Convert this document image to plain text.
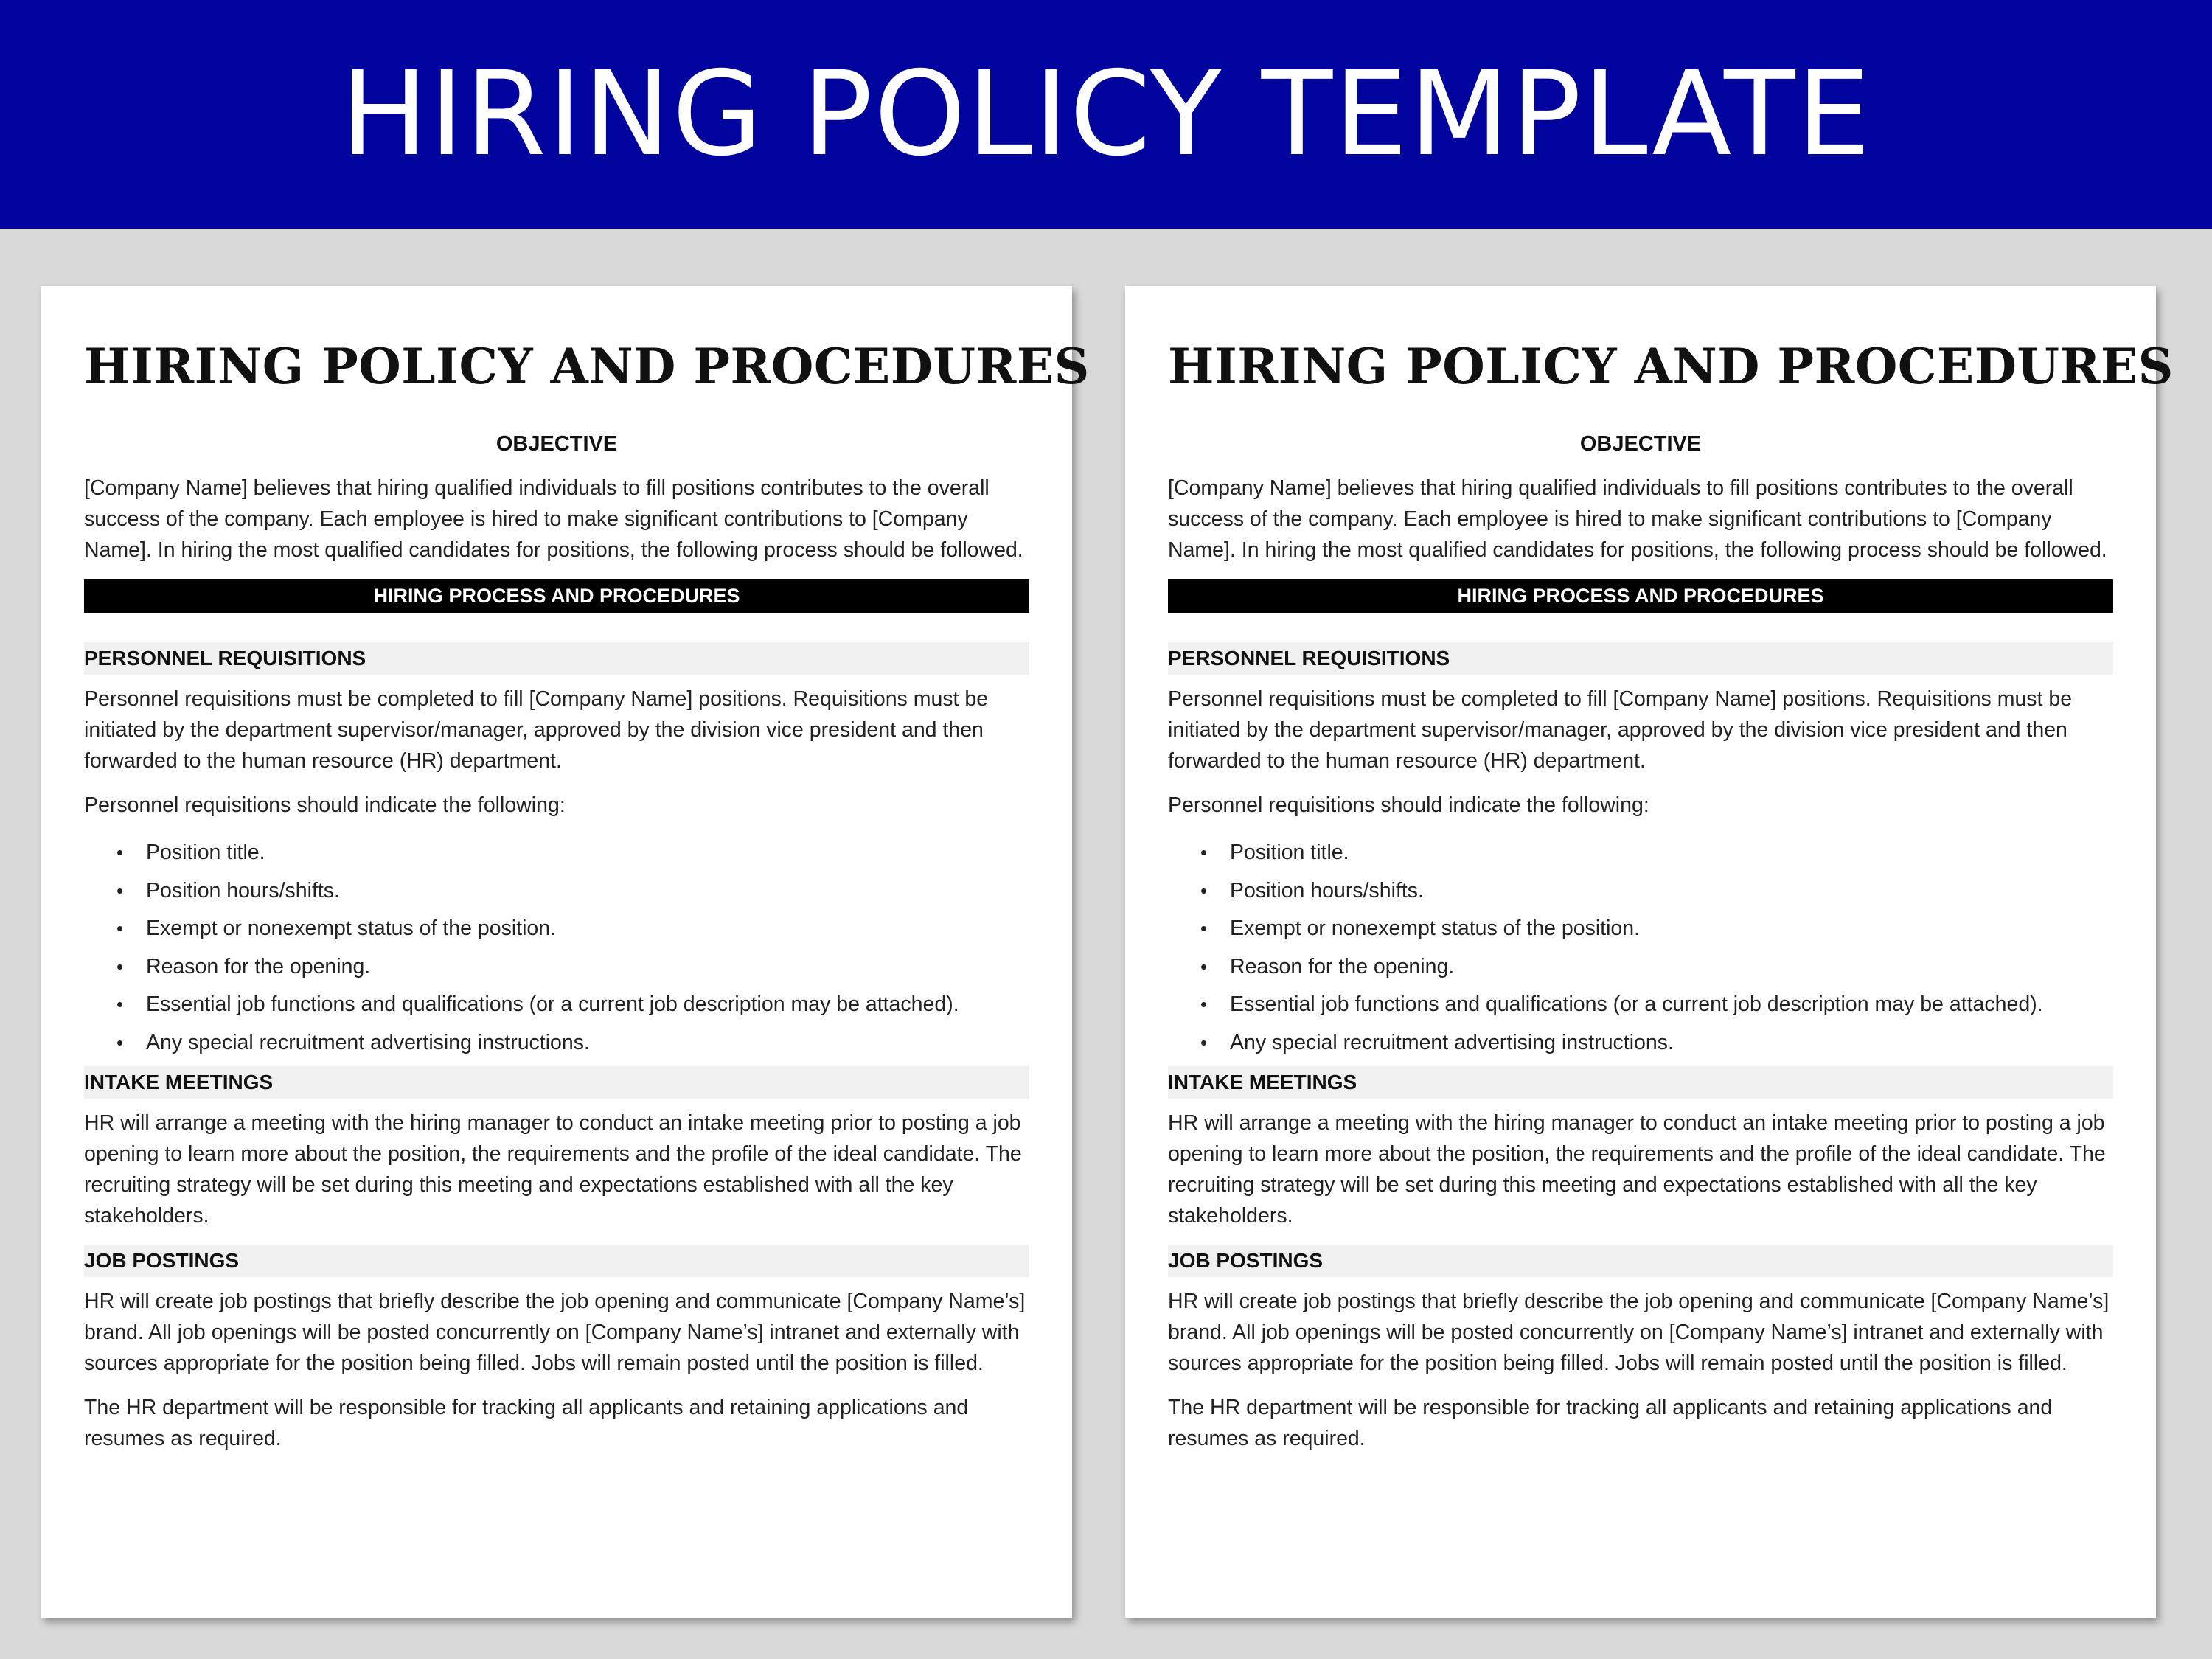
HIRING POLICY TEMPLATE
HIRING POLICY AND PROCEDURES
OBJECTIVE

[Company Name] believes that hiring qualified individuals to fill positions contributes to the overall success of the company. Each employee is hired to make significant contributions to [Company Name]. In hiring the most qualified candidates for positions, the following process should be followed.

HIRING PROCESS AND PROCEDURES
PERSONNEL REQUISITIONS

Personnel requisitions must be completed to fill [Company Name] positions. Requisitions must be initiated by the department supervisor/manager, approved by the division vice president and then forwarded to the human resource (HR) department.

Personnel requisitions should indicate the following:

• Position title.
• Position hours/shifts.
• Exempt or nonexempt status of the position.
• Reason for the opening.
• Essential job functions and qualifications (or a current job description may be attached).
• Any special recruitment advertising instructions.
INTAKE MEETINGS

HR will arrange a meeting with the hiring manager to conduct an intake meeting prior to posting a job opening to learn more about the position, the requirements and the profile of the ideal candidate. The recruiting strategy will be set during this meeting and expectations established with all the key stakeholders.

JOB POSTINGS

HR will create job postings that briefly describe the job opening and communicate [Company Name’s] brand. All job openings will be posted concurrently on [Company Name’s] intranet and externally with sources appropriate for the position being filled. Jobs will remain posted until the position is filled.

The HR department will be responsible for tracking all applicants and retaining applications and resumes as required.

HIRING POLICY AND PROCEDURES
OBJECTIVE

[Company Name] believes that hiring qualified individuals to fill positions contributes to the overall success of the company. Each employee is hired to make significant contributions to [Company Name]. In hiring the most qualified candidates for positions, the following process should be followed.

HIRING PROCESS AND PROCEDURES
PERSONNEL REQUISITIONS

Personnel requisitions must be completed to fill [Company Name] positions. Requisitions must be initiated by the department supervisor/manager, approved by the division vice president and then forwarded to the human resource (HR) department.

Personnel requisitions should indicate the following:

• Position title.
• Position hours/shifts.
• Exempt or nonexempt status of the position.
• Reason for the opening.
• Essential job functions and qualifications (or a current job description may be attached).
• Any special recruitment advertising instructions.
INTAKE MEETINGS

HR will arrange a meeting with the hiring manager to conduct an intake meeting prior to posting a job opening to learn more about the position, the requirements and the profile of the ideal candidate. The recruiting strategy will be set during this meeting and expectations established with all the key stakeholders.

JOB POSTINGS

HR will create job postings that briefly describe the job opening and communicate [Company Name’s] brand. All job openings will be posted concurrently on [Company Name’s] intranet and externally with sources appropriate for the position being filled. Jobs will remain posted until the position is filled.

The HR department will be responsible for tracking all applicants and retaining applications and resumes as required.
